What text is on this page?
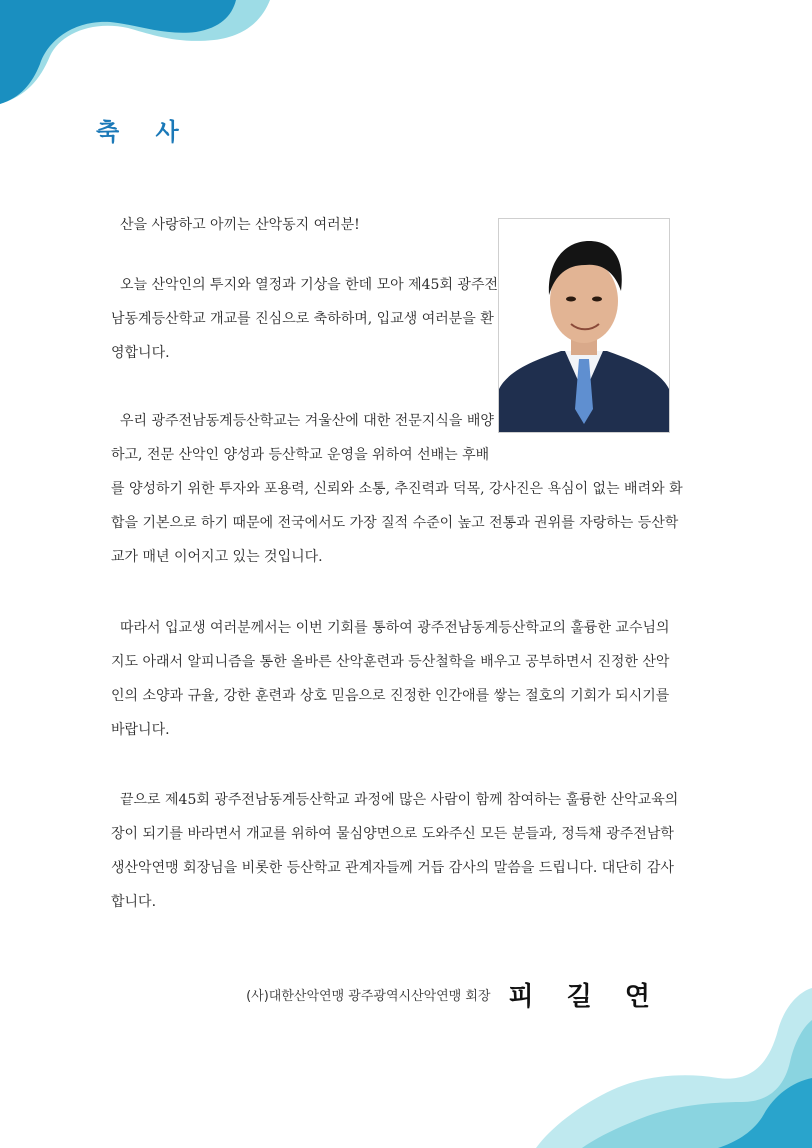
축 사

산을 사랑하고 아끼는 산악동지 여러분!

오늘 산악인의 투지와 열정과 기상을 한데 모아 제45회 광주전
남동계등산학교 개교를 진심으로 축하하며, 입교생 여러분을 환
영합니다.

우리 광주전남동계등산학교는 겨울산에 대한 전문지식을 배양
하고, 전문 산악인 양성과 등산학교 운영을 위하여 선배는 후배
를 양성하기 위한 투자와 포용력, 신뢰와 소통, 추진력과 덕목, 강사진은 욕심이 없는 배려와 화
합을 기본으로 하기 때문에 전국에서도 가장 질적 수준이 높고 전통과 권위를 자랑하는 등산학
교가 매년 이어지고 있는 것입니다.

따라서 입교생 여러분께서는 이번 기회를 통하여 광주전남동계등산학교의 훌륭한 교수님의
지도 아래서 알피니즘을 통한 올바른 산악훈련과 등산철학을 배우고 공부하면서 진정한 산악
인의 소양과 규율, 강한 훈련과 상호 믿음으로 진정한 인간애를 쌓는 절호의 기회가 되시기를
바랍니다.

끝으로 제45회 광주전남동계등산학교 과정에 많은 사람이 함께 참여하는 훌륭한 산악교육의
장이 되기를 바라면서 개교를 위하여 물심양면으로 도와주신 모든 분들과, 정득채 광주전남학
생산악연맹 회장님을 비롯한 등산학교 관계자들께 거듭 감사의 말씀을 드립니다. 대단히 감사
합니다.

(사)대한산악연맹 광주광역시산악연맹 회장 피 길 연
